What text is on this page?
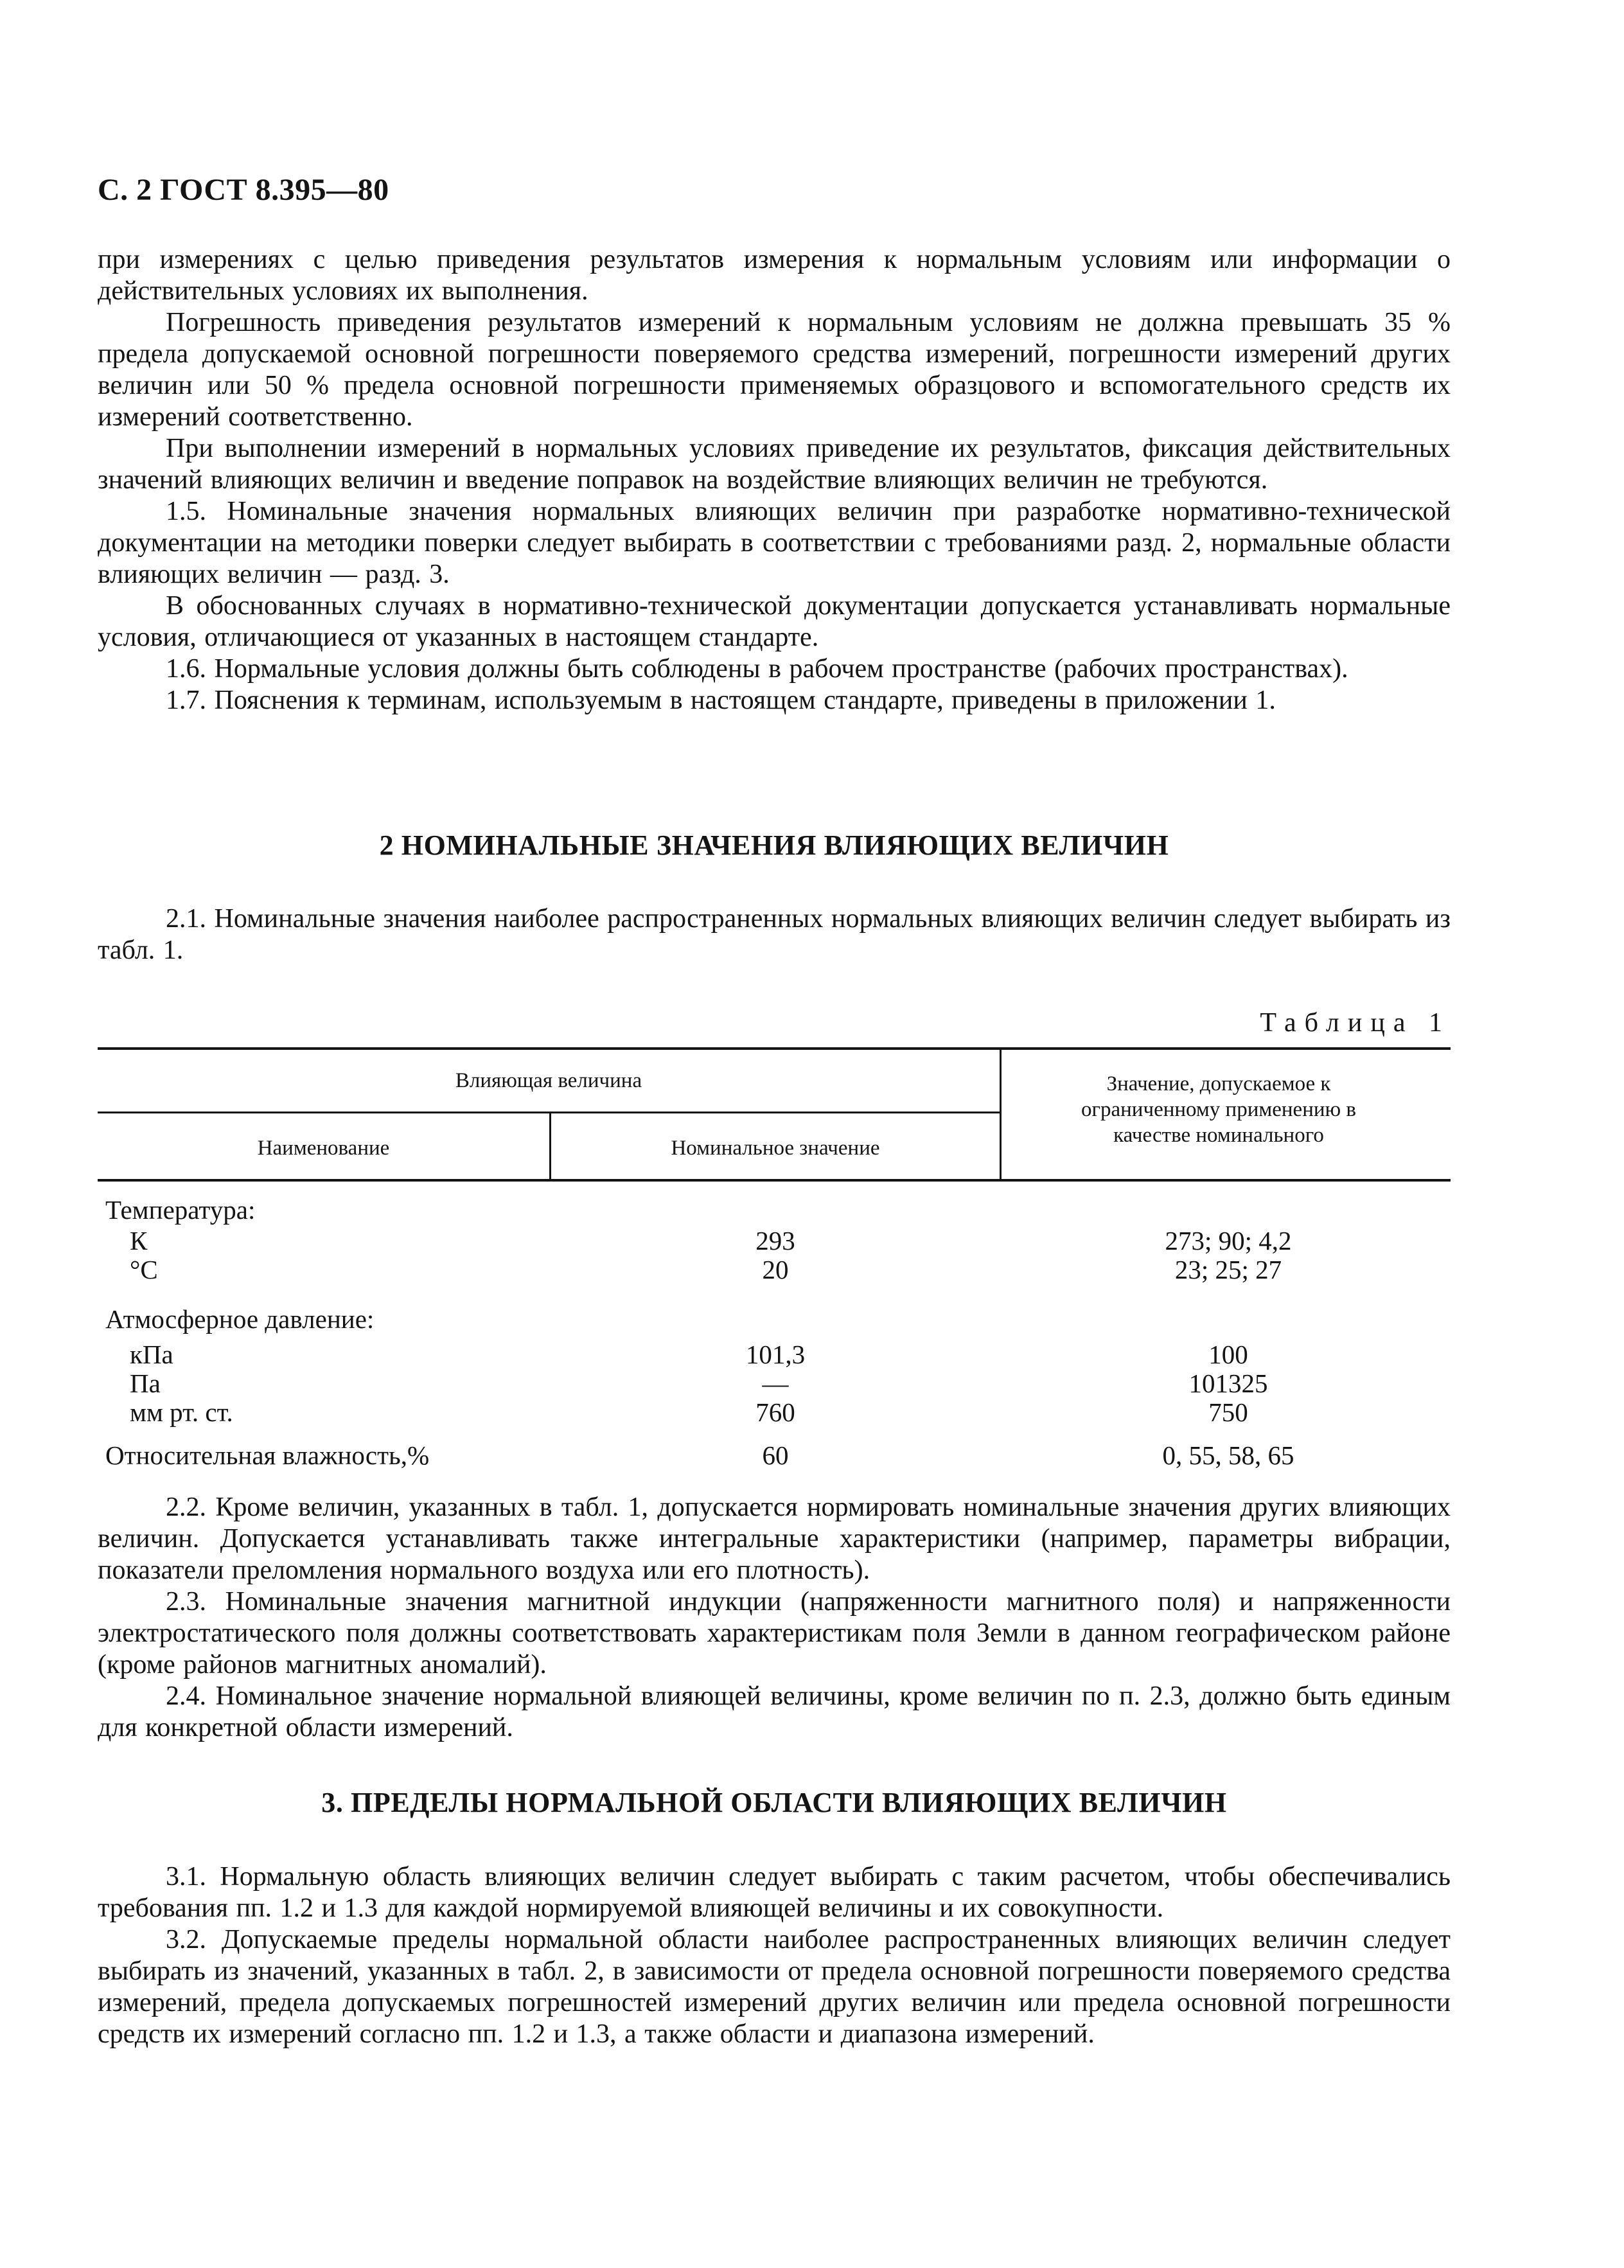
С. 2 ГОСТ 8.395—80

при измерениях с целью приведения результатов измерения к нормальным условиям или информации о действительных условиях их выполнения.

Погрешность приведения результатов измерений к нормальным условиям не должна превышать 35 % предела допускаемой основной погрешности поверяемого средства измерений, погрешности измерений других величин или 50 % предела основной погрешности применяемых образцового и вспомогательного средств их измерений соответственно.

При выполнении измерений в нормальных условиях приведение их результатов, фиксация действительных значений влияющих величин и введение поправок на воздействие влияющих величин не требуются.

1.5. Номинальные значения нормальных влияющих величин при разработке нормативно-технической документации на методики поверки следует выбирать в соответствии с требованиями разд. 2, нормальные области влияющих величин — разд. 3.

В обоснованных случаях в нормативно-технической документации допускается устанавливать нормальные условия, отличающиеся от указанных в настоящем стандарте.

1.6. Нормальные условия должны быть соблюдены в рабочем пространстве (рабочих пространствах).

1.7. Пояснения к терминам, используемым в настоящем стандарте, приведены в приложении 1.

2 НОМИНАЛЬНЫЕ ЗНАЧЕНИЯ ВЛИЯЮЩИХ ВЕЛИЧИН

2.1. Номинальные значения наиболее распространенных нормальных влияющих величин следует выбирать из табл. 1.

Таблица 1
Влияющая величина
Наименование	Номинальное значение
Значение, допускаемое к ограниченному применению в качестве номинального
Температура:
К	293	273; 90; 4,2
°С	20	23; 25; 27
Атмосферное давление:
кПа	101,3	100
Па	—	101325
мм рт. ст.	760	750
Относительная влажность,%	60	0, 55, 58, 65

2.2. Кроме величин, указанных в табл. 1, допускается нормировать номинальные значения других влияющих величин. Допускается устанавливать также интегральные характеристики (например, параметры вибрации, показатели преломления нормального воздуха или его плотность).

2.3. Номинальные значения магнитной индукции (напряженности магнитного поля) и напряженности электростатического поля должны соответствовать характеристикам поля Земли в данном географическом районе (кроме районов магнитных аномалий).

2.4. Номинальное значение нормальной влияющей величины, кроме величин по п. 2.3, должно быть единым для конкретной области измерений.

3. ПРЕДЕЛЫ НОРМАЛЬНОЙ ОБЛАСТИ ВЛИЯЮЩИХ ВЕЛИЧИН

3.1. Нормальную область влияющих величин следует выбирать с таким расчетом, чтобы обеспечивались требования пп. 1.2 и 1.3 для каждой нормируемой влияющей величины и их совокупности.

3.2. Допускаемые пределы нормальной области наиболее распространенных влияющих величин следует выбирать из значений, указанных в табл. 2, в зависимости от предела основной погрешности поверяемого средства измерений, предела допускаемых погрешностей измерений других величин или предела основной погрешности средств их измерений согласно пп. 1.2 и 1.3, а также области и диапазона измерений.
